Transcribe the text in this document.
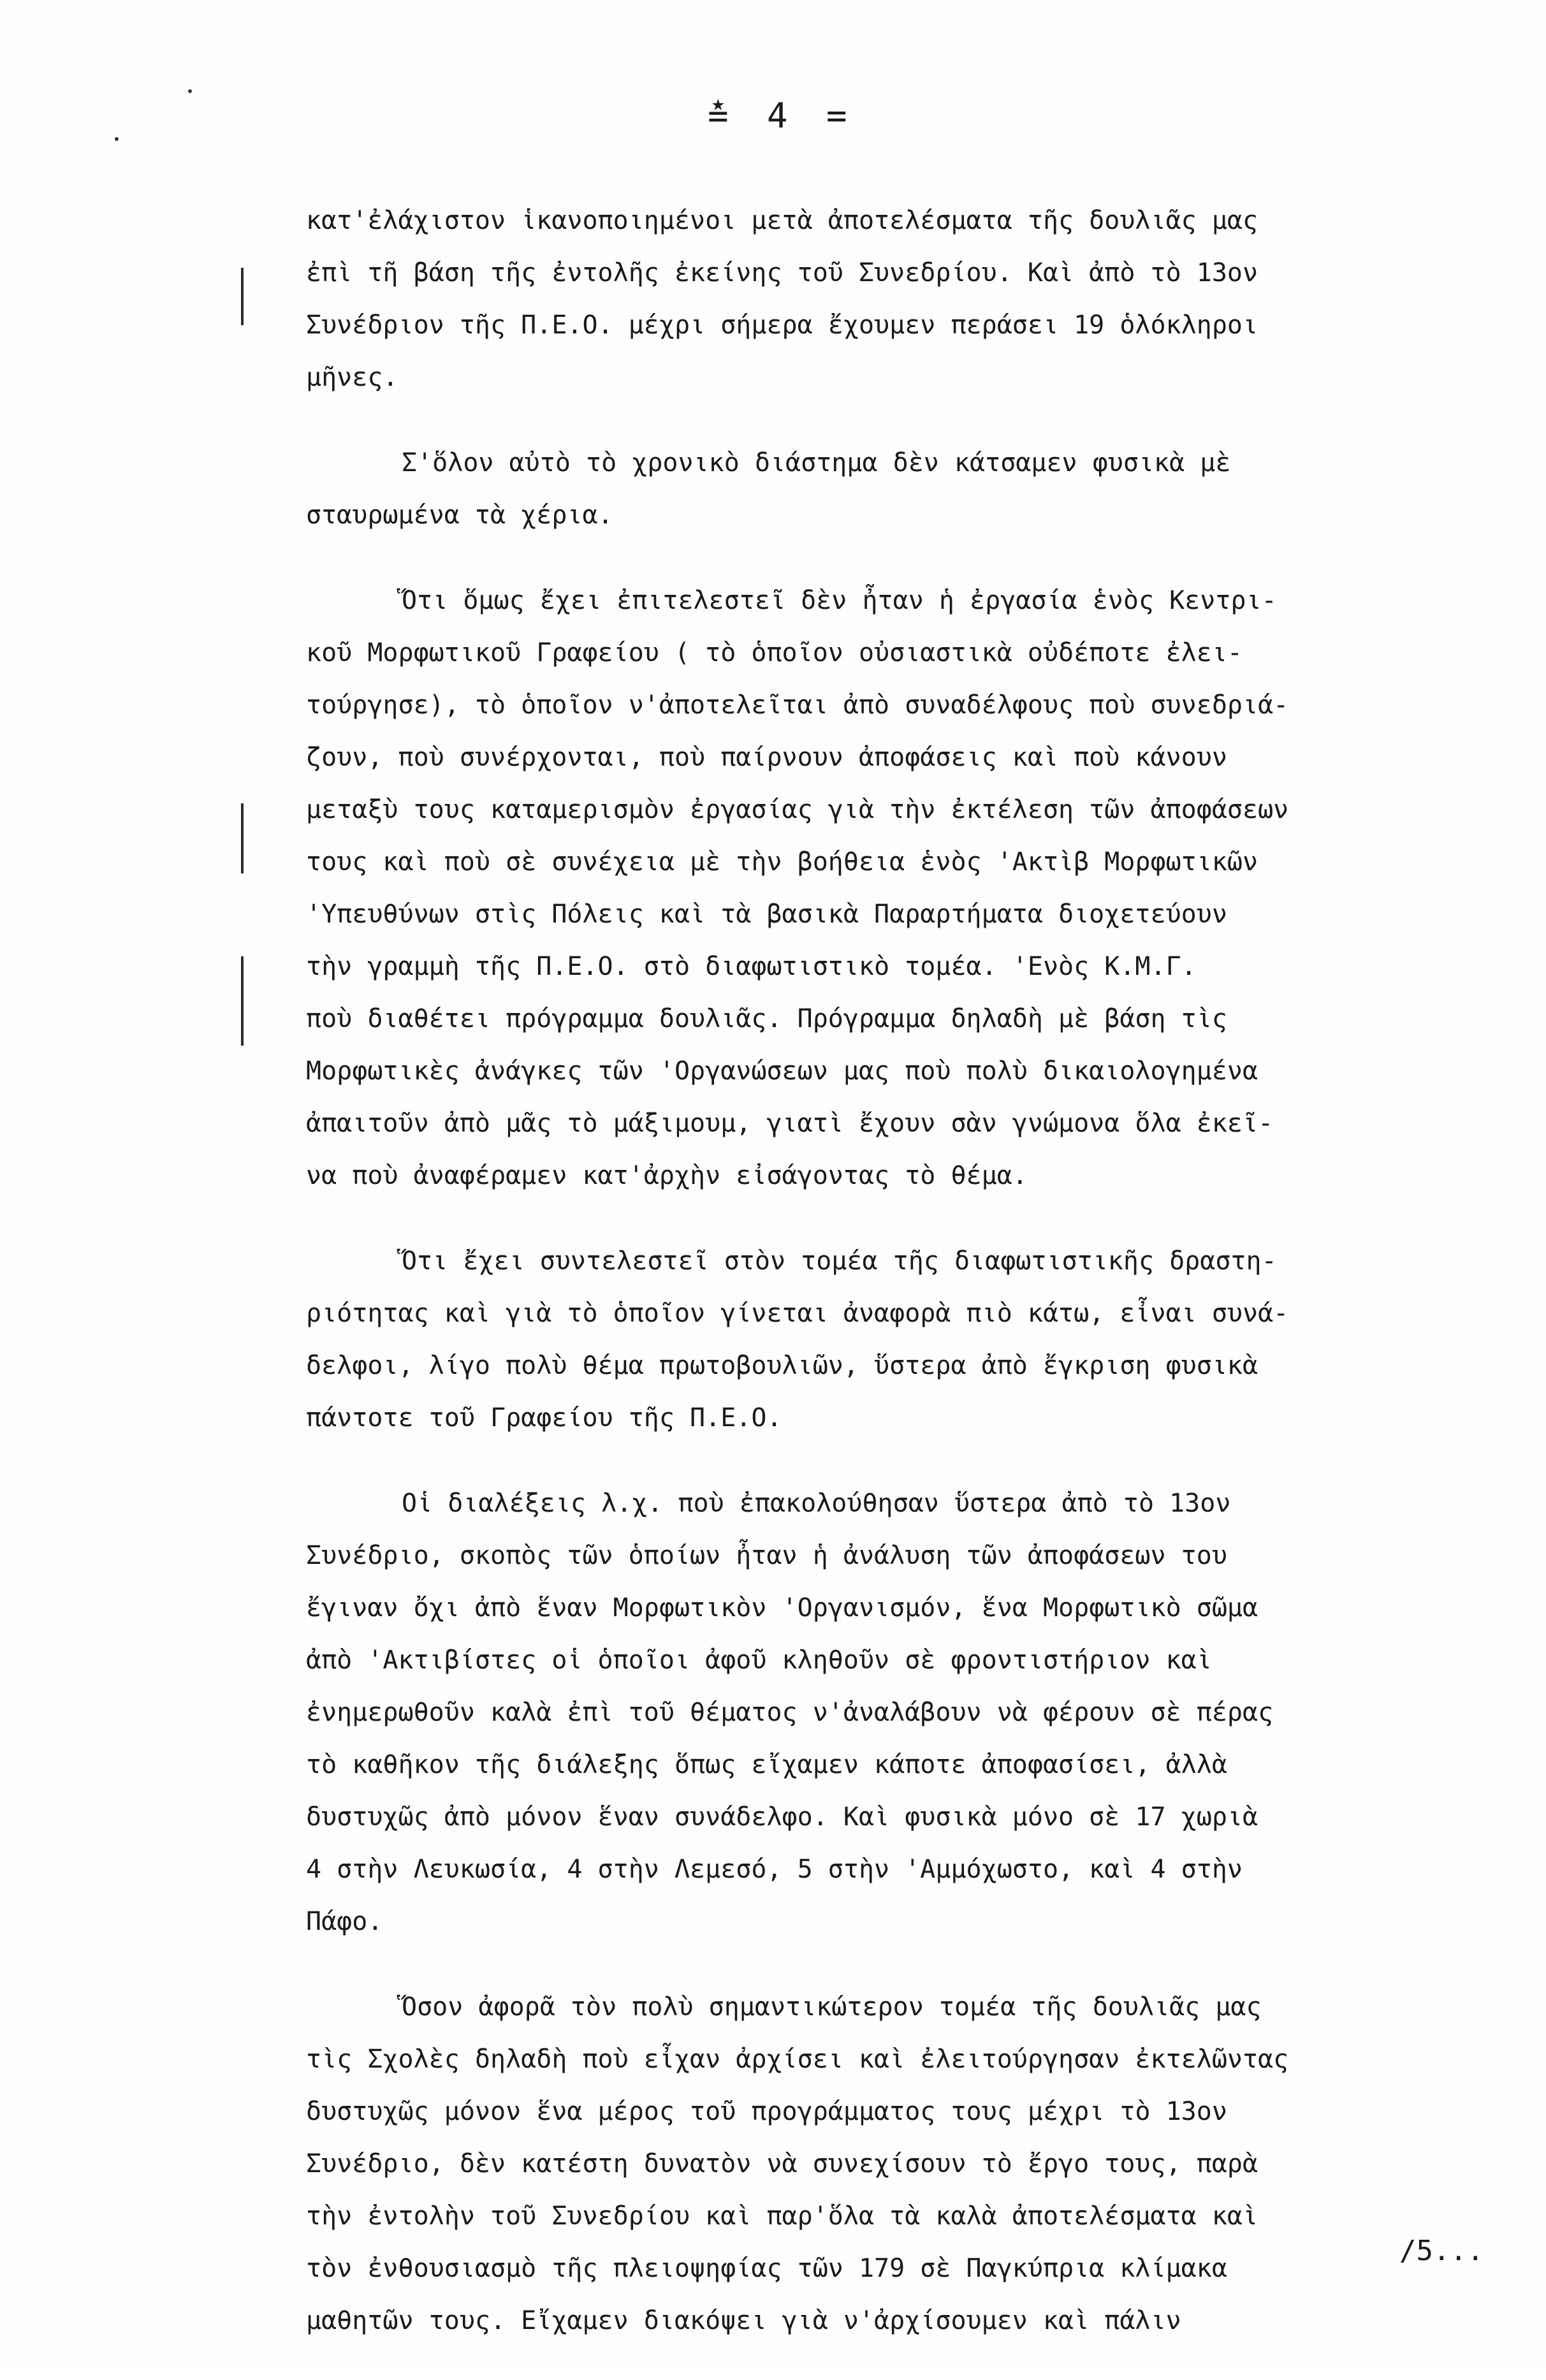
≛ 4 =
κατ'ἐλάχιστον ἱκανοποιημένοι μετὰ ἀποτελέσματα τῆς δουλιᾶς μας
ἐπὶ τῆ βάση τῆς ἐντολῆς ἐκείνης τοῦ Συνεδρίου. Καὶ ἀπὸ τὸ 13ον
Συνέδριον τῆς Π.Ε.Ο. μέχρι σήμερα ἔχουμεν περάσει 19 ὁλόκληροι
μῆνες.
Σ'ὅλον αὐτὸ τὸ χρονικὸ διάστημα δὲν κάτσαμεν φυσικὰ μὲ
σταυρωμένα τὰ χέρια.
Ὅτι ὅμως ἔχει ἐπιτελεστεῖ δὲν ἦταν ἡ ἐργασία ἑνὸς Κεντρι-
κοῦ Μορφωτικοῦ Γραφείου ( τὸ ὁποῖον οὐσιαστικὰ οὐδέποτε ἐλει-
τούργησε), τὸ ὁποῖον ν'ἀποτελεῖται ἀπὸ συναδέλφους ποὺ συνεδριά-
ζουν, ποὺ συνέρχονται, ποὺ παίρνουν ἀποφάσεις καὶ ποὺ κάνουν
μεταξὺ τους καταμερισμὸν ἐργασίας γιὰ τὴν ἐκτέλεση τῶν ἀποφάσεων
τους καὶ ποὺ σὲ συνέχεια μὲ τὴν βοήθεια ἑνὸς 'Ακτὶβ Μορφωτικῶν
'Υπευθύνων στὶς Πόλεις καὶ τὰ βασικὰ Παραρτήματα διοχετεύουν
τὴν γραμμὴ τῆς Π.Ε.Ο. στὸ διαφωτιστικὸ τομέα. 'Ενὸς Κ.Μ.Γ.
ποὺ διαθέτει πρόγραμμα δουλιᾶς. Πρόγραμμα δηλαδὴ μὲ βάση τὶς
Μορφωτικὲς ἀνάγκες τῶν 'Οργανώσεων μας ποὺ πολὺ δικαιολογημένα
ἀπαιτοῦν ἀπὸ μᾶς τὸ μάξιμουμ, γιατὶ ἔχουν σὰν γνώμονα ὅλα ἐκεῖ-
να ποὺ ἀναφέραμεν κατ'ἀρχὴν εἰσάγοντας τὸ θέμα.
Ὅτι ἔχει συντελεστεῖ στὸν τομέα τῆς διαφωτιστικῆς δραστη-
ριότητας καὶ γιὰ τὸ ὁποῖον γίνεται ἀναφορὰ πιὸ κάτω, εἶναι συνά-
δελφοι, λίγο πολὺ θέμα πρωτοβουλιῶν, ὕστερα ἀπὸ ἔγκριση φυσικὰ
πάντοτε τοῦ Γραφείου τῆς Π.Ε.Ο.
Οἱ διαλέξεις λ.χ. ποὺ ἐπακολούθησαν ὕστερα ἀπὸ τὸ 13ον
Συνέδριο, σκοπὸς τῶν ὁποίων ἦταν ἡ ἀνάλυση τῶν ἀποφάσεων του
ἔγιναν ὄχι ἀπὸ ἕναν Μορφωτικὸν 'Οργανισμόν, ἕνα Μορφωτικὸ σῶμα
ἀπὸ 'Ακτιβίστες οἱ ὁποῖοι ἀφοῦ κληθοῦν σὲ φροντιστήριον καὶ
ἐνημερωθοῦν καλὰ ἐπὶ τοῦ θέματος ν'ἀναλάβουν νὰ φέρουν σὲ πέρας
τὸ καθῆκον τῆς διάλεξης ὅπως εἴχαμεν κάποτε ἀποφασίσει, ἀλλὰ
δυστυχῶς ἀπὸ μόνον ἕναν συνάδελφο. Καὶ φυσικὰ μόνο σὲ 17 χωριὰ
4 στὴν Λευκωσία, 4 στὴν Λεμεσό, 5 στὴν 'Αμμόχωστο, καὶ 4 στὴν
Πάφο.
Ὅσον ἀφορᾶ τὸν πολὺ σημαντικώτερον τομέα τῆς δουλιᾶς μας
τὶς Σχολὲς δηλαδὴ ποὺ εἶχαν ἀρχίσει καὶ ἐλειτούργησαν ἐκτελῶντας
δυστυχῶς μόνον ἕνα μέρος τοῦ προγράμματος τους μέχρι τὸ 13ον
Συνέδριο, δὲν κατέστη δυνατὸν νὰ συνεχίσουν τὸ ἔργο τους, παρὰ
τὴν ἐντολὴν τοῦ Συνεδρίου καὶ παρ'ὅλα τὰ καλὰ ἀποτελέσματα καὶ
τὸν ἐνθουσιασμὸ τῆς πλειοψηφίας τῶν 179 σὲ Παγκύπρια κλίμακα
μαθητῶν τους. Εἴχαμεν διακόψει γιὰ ν'ἀρχίσουμεν καὶ πάλιν
/5...
